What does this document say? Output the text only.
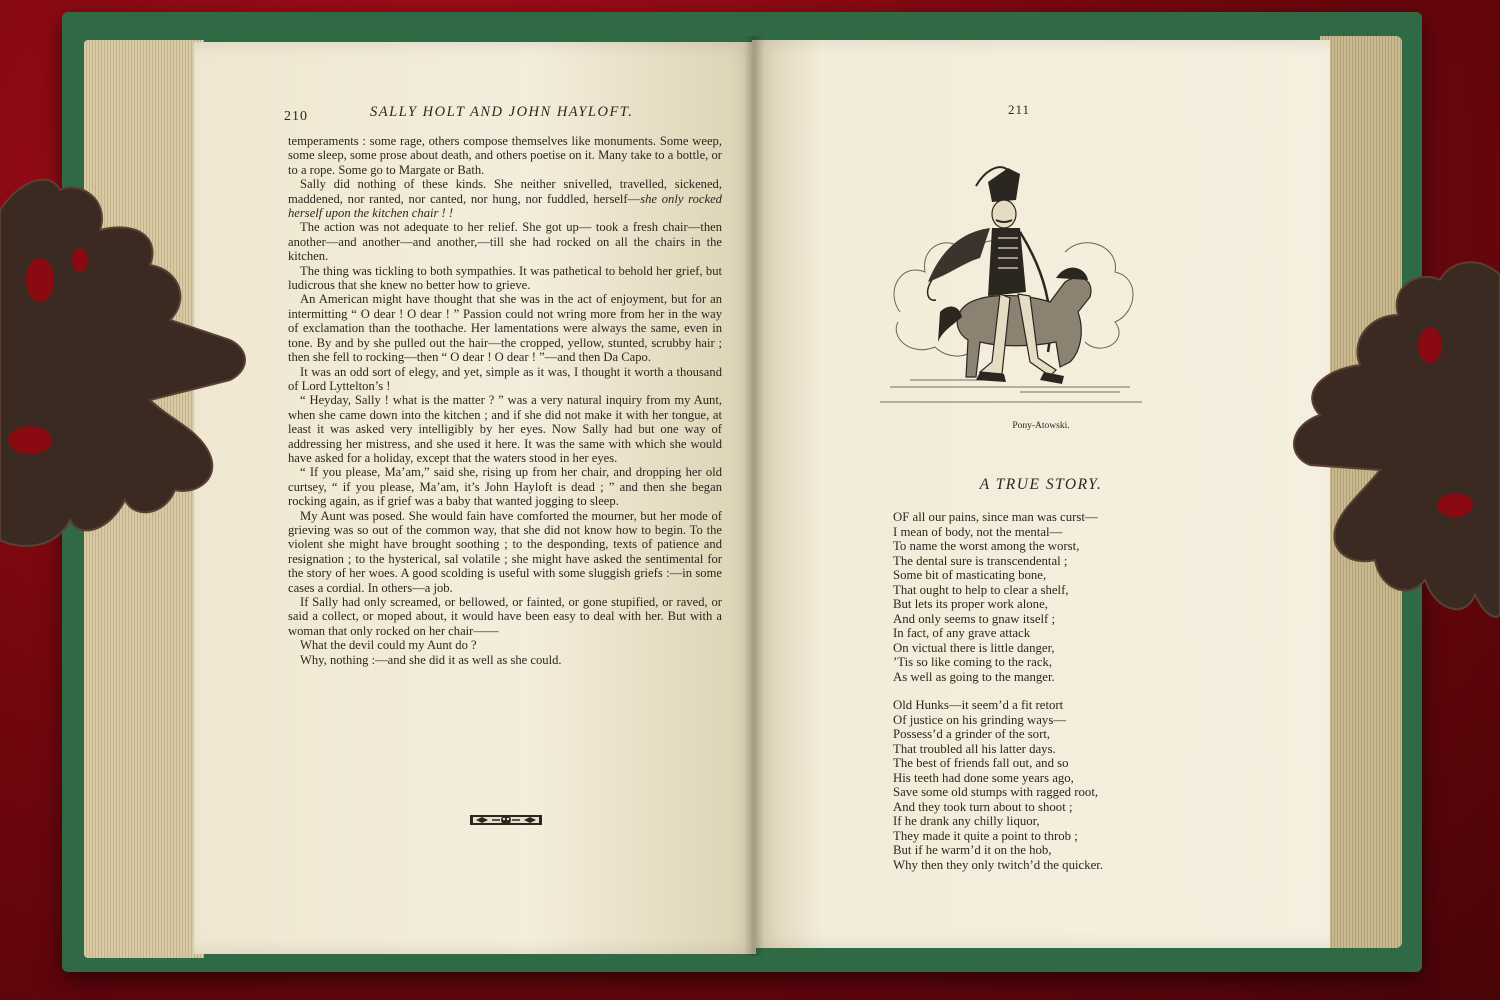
210	SALLY HOLT AND JOHN HAYLOFT.

temperaments : some rage, others compose themselves like monuments. Some weep, some sleep, some prose about death, and others poetise on it. Many take to a bottle, or to a rope. Some go to Margate or Bath.

Sally did nothing of these kinds. She neither snivelled, travelled, sickened, maddened, nor ranted, nor canted, nor hung, nor fuddled, herself—she only rocked herself upon the kitchen chair ! !

The action was not adequate to her relief. She got up— took a fresh chair—then another—and another—and another,—till she had rocked on all the chairs in the kitchen.

The thing was tickling to both sympathies. It was pathetical to behold her grief, but ludicrous that she knew no better how to grieve.

An American might have thought that she was in the act of enjoyment, but for an intermitting “ O dear ! O dear ! ” Passion could not wring more from her in the way of exclamation than the toothache. Her lamentations were always the same, even in tone. By and by she pulled out the hair—the cropped, yellow, stunted, scrubby hair ; then she fell to rocking—then “ O dear ! O dear ! ”—and then Da Capo.

It was an odd sort of elegy, and yet, simple as it was, I thought it worth a thousand of Lord Lyttelton’s !

“ Heyday, Sally ! what is the matter ? ” was a very natural inquiry from my Aunt, when she came down into the kitchen ; and if she did not make it with her tongue, at least it was asked very intelligibly by her eyes. Now Sally had but one way of addressing her mistress, and she used it here. It was the same with which she would have asked for a holiday, except that the waters stood in her eyes.

“ If you please, Ma’am,” said she, rising up from her chair, and dropping her old curtsey, “ if you please, Ma’am, it’s John Hayloft is dead ; ” and then she began rocking again, as if grief was a baby that wanted jogging to sleep.

My Aunt was posed. She would fain have comforted the mourner, but her mode of grieving was so out of the common way, that she did not know how to begin. To the violent she might have brought soothing ; to the desponding, texts of patience and resignation ; to the hysterical, sal volatile ; she might have asked the sentimental for the story of her woes. A good scolding is useful with some sluggish griefs :—in some cases a cordial. In others—a job.

If Sally had only screamed, or bellowed, or fainted, or gone stupified, or raved, or said a collect, or moped about, it would have been easy to deal with her. But with a woman that only rocked on her chair——

What the devil could my Aunt do ?

Why, nothing :—and she did it as well as she could.

211
Pony-Atowski.
A TRUE STORY.
OF all our pains, since man was curst—
I mean of body, not the mental—
To name the worst among the worst,
The dental sure is transcendental ;
Some bit of masticating bone,
That ought to help to clear a shelf,
But lets its proper work alone,
And only seems to gnaw itself ;
In fact, of any grave attack
On victual there is little danger,
’Tis so like coming to the rack,
As well as going to the manger.
Old Hunks—it seem’d a fit retort
Of justice on his grinding ways—
Possess’d a grinder of the sort,
That troubled all his latter days.
The best of friends fall out, and so
His teeth had done some years ago,
Save some old stumps with ragged root,
And they took turn about to shoot ;
If he drank any chilly liquor,
They made it quite a point to throb ;
But if he warm’d it on the hob,
Why then they only twitch’d the quicker.
